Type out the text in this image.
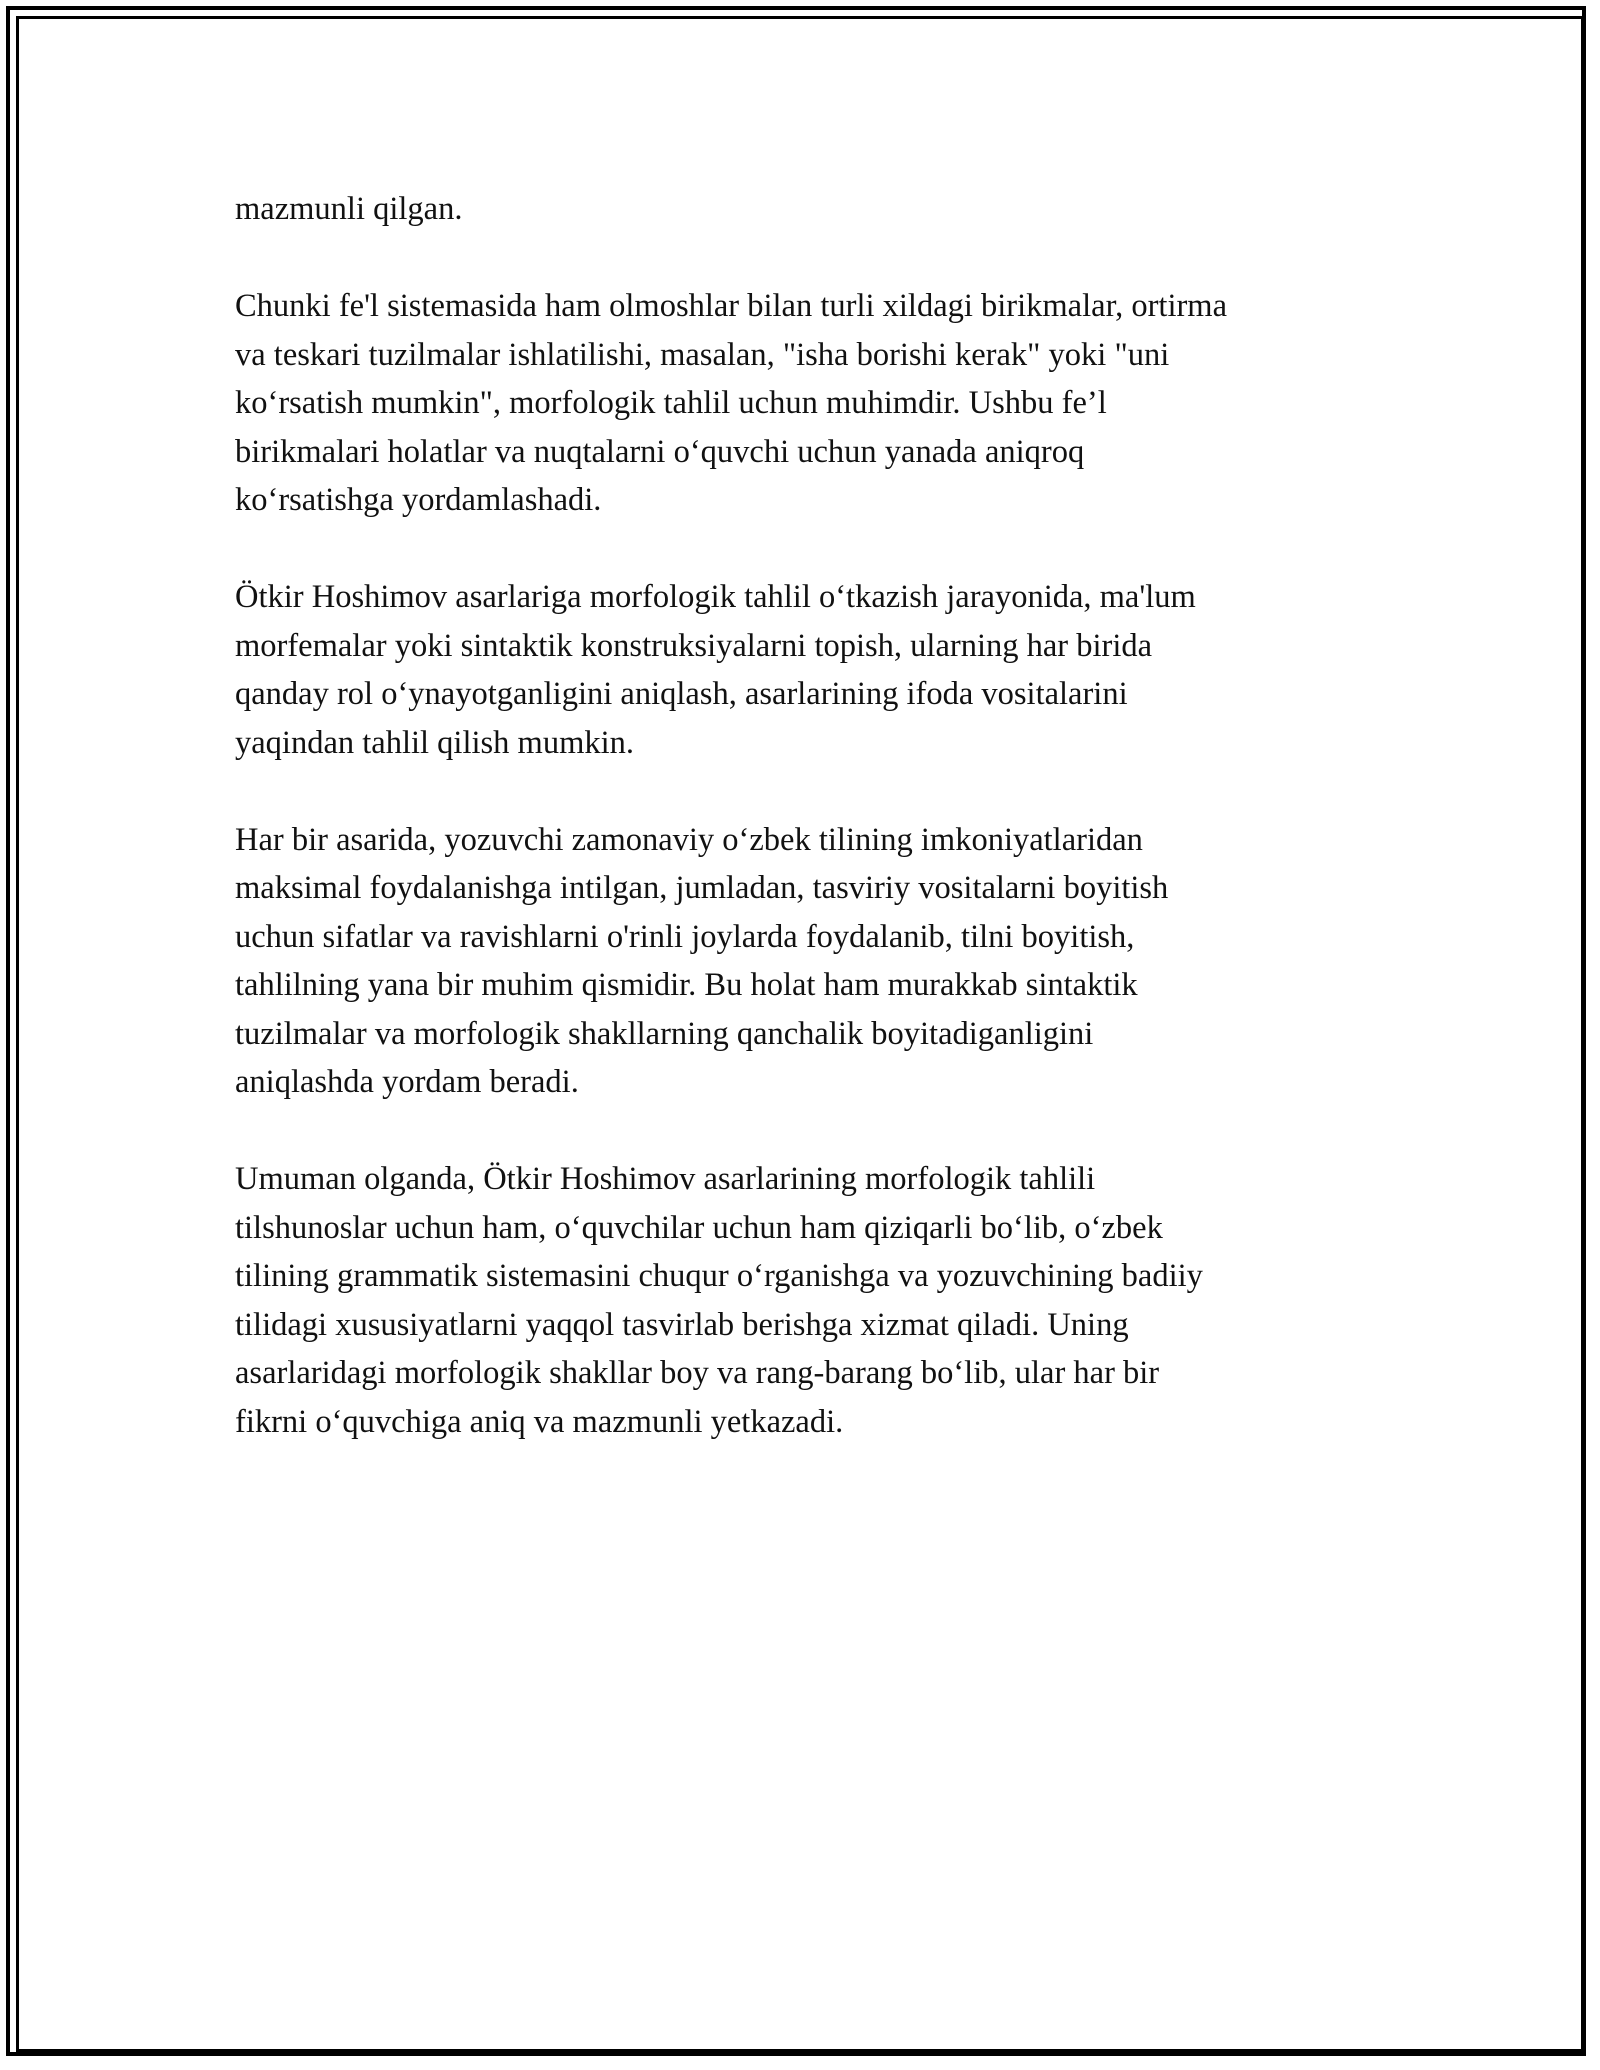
mazmunli qilgan.

Chunki fe'l sistemasida ham olmoshlar bilan turli xildagi birikmalar, ortirma
va teskari tuzilmalar ishlatilishi, masalan, "isha borishi kerak" yoki "uni
ko‘rsatish mumkin", morfologik tahlil uchun muhimdir. Ushbu fe’l
birikmalari holatlar va nuqtalarni o‘quvchi uchun yanada aniqroq
ko‘rsatishga yordamlashadi.

Ötkir Hoshimov asarlariga morfologik tahlil o‘tkazish jarayonida, ma'lum
morfemalar yoki sintaktik konstruksiyalarni topish, ularning har birida
qanday rol o‘ynayotganligini aniqlash, asarlarining ifoda vositalarini
yaqindan tahlil qilish mumkin.

Har bir asarida, yozuvchi zamonaviy o‘zbek tilining imkoniyatlaridan
maksimal foydalanishga intilgan, jumladan, tasviriy vositalarni boyitish
uchun sifatlar va ravishlarni o'rinli joylarda foydalanib, tilni boyitish,
tahlilning yana bir muhim qismidir. Bu holat ham murakkab sintaktik
tuzilmalar va morfologik shakllarning qanchalik boyitadiganligini
aniqlashda yordam beradi.

Umuman olganda, Ötkir Hoshimov asarlarining morfologik tahlili
tilshunoslar uchun ham, o‘quvchilar uchun ham qiziqarli bo‘lib, o‘zbek
tilining grammatik sistemasini chuqur o‘rganishga va yozuvchining badiiy
tilidagi xususiyatlarni yaqqol tasvirlab berishga xizmat qiladi. Uning
asarlaridagi morfologik shakllar boy va rang-barang bo‘lib, ular har bir
fikrni o‘quvchiga aniq va mazmunli yetkazadi.
